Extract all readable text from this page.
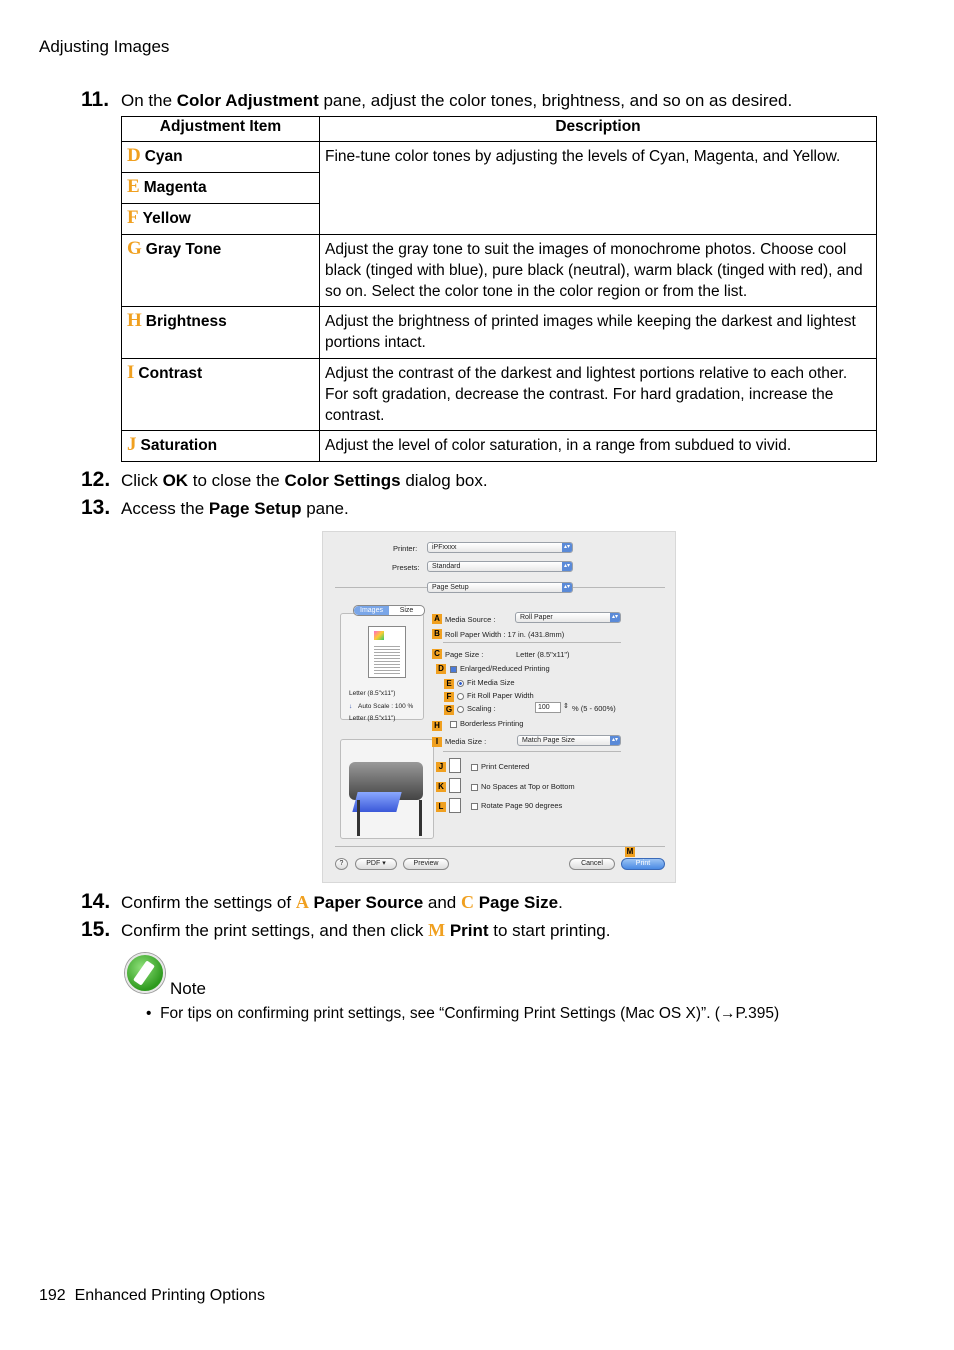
Adjusting Images
11. On the Color Adjustment pane, adjust the color tones, brightness, and so on as desired.
Adjustment Item	Description
D Cyan	Fine-tune color tones by adjusting the levels of Cyan, Magenta, and Yellow.
E Magenta	
F Yellow	
G Gray Tone	Adjust the gray tone to suit the images of monochrome photos. Choose cool black (tinged with blue), pure black (neutral), warm black (tinged with red), and so on. Select the color tone in the color region or from the list.
H Brightness	Adjust the brightness of printed images while keeping the darkest and lightest portions intact.
I Contrast	Adjust the contrast of the darkest and lightest portions relative to each other. For soft gradation, decrease the contrast. For hard gradation, increase the contrast.
J Saturation	Adjust the level of color saturation, in a range from subdued to vivid.
12. Click OK to close the Color Settings dialog box.
13. Access the Page Setup pane.
Printer:	iPFxxxx	▴▾
Presets:	Standard	▴▾
Page Setup	▴▾
Images	Size
Letter (8.5"x11")
↓ Auto Scale : 100 %
Letter (8.5"x11")
A Media Source :	Roll Paper	▴▾
B Roll Paper Width : 17 in. (431.8mm)
C Page Size :	Letter (8.5"x11")
D	Enlarged/Reduced Printing
E	Fit Media Size
F	Fit Roll Paper Width
G	Scaling :	100	⇕ % (5 - 600%)
H	Borderless Printing
I Media Size :	Match Page Size	▴▾
J	Print Centered
K	No Spaces at Top or Bottom
L	Rotate Page 90 degrees
?	PDF ▾	Preview	Cancel
M
Print
14. Confirm the settings of A Paper Source and C Page Size.
15. Confirm the print settings, and then click M Print to start printing.
Note
• For tips on confirming print settings, see “Confirming Print Settings (Mac OS X)”. (→P.395)
192 Enhanced Printing Options
